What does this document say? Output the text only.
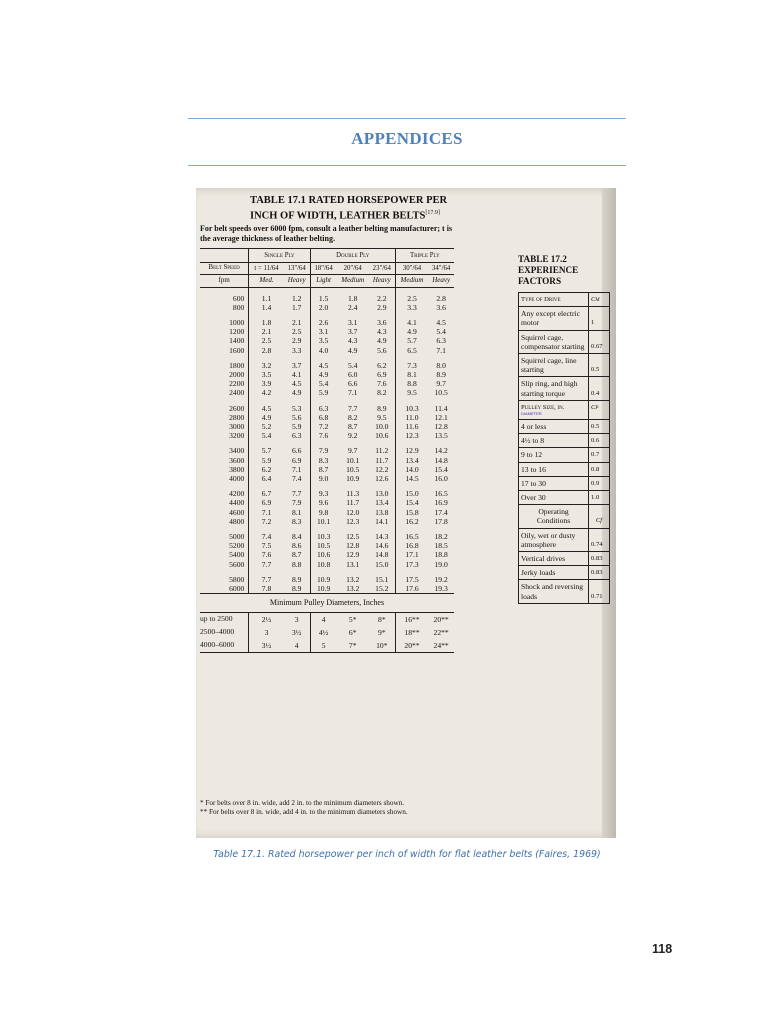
APPENDICES
TABLE 17.1 RATED HORSEPOWER PER
INCH OF WIDTH, LEATHER BELTS[17.9]
For belt speeds over 6000 fpm, consult a leather belting manufacturer; t is the average thickness of leather belting.
	Single Ply		Double Ply			Triple Ply	
Belt Speed	t = 11/64	13"/64	18"/64	20"/64	23"/64	30"/64	34"/64
fpm	Med.	Heavy	Light	Medium	Heavy	Medium	Heavy
600	1.1	1.2	1.5	1.8	2.2	2.5	2.8
800	1.4	1.7	2.0	2.4	2.9	3.3	3.6
1000	1.8	2.1	2.6	3.1	3.6	4.1	4.5
1200	2.1	2.5	3.1	3.7	4.3	4.9	5.4
1400	2.5	2.9	3.5	4.3	4.9	5.7	6.3
1600	2.8	3.3	4.0	4.9	5.6	6.5	7.1
1800	3.2	3.7	4.5	5.4	6.2	7.3	8.0
2000	3.5	4.1	4.9	6.0	6.9	8.1	8.9
2200	3.9	4.5	5.4	6.6	7.6	8.8	9.7
2400	4.2	4.9	5.9	7.1	8.2	9.5	10.5
2600	4.5	5.3	6.3	7.7	8.9	10.3	11.4
2800	4.9	5.6	6.8	8.2	9.5	11.0	12.1
3000	5.2	5.9	7.2	8.7	10.0	11.6	12.8
3200	5.4	6.3	7.6	9.2	10.6	12.3	13.5
3400	5.7	6.6	7.9	9.7	11.2	12.9	14.2
3600	5.9	6.9	8.3	10.1	11.7	13.4	14.8
3800	6.2	7.1	8.7	10.5	12.2	14.0	15.4
4000	6.4	7.4	9.0	10.9	12.6	14.5	16.0
4200	6.7	7.7	9.3	11.3	13.0	15.0	16.5
4400	6.9	7.9	9.6	11.7	13.4	15.4	16.9
4600	7.1	8.1	9.8	12.0	13.8	15.8	17.4
4800	7.2	8.3	10.1	12.3	14.1	16.2	17.8
5000	7.4	8.4	10.3	12.5	14.3	16.5	18.2
5200	7.5	8.6	10.5	12.8	14.6	16.8	18.5
5400	7.6	8.7	10.6	12.9	14.8	17.1	18.8
5600	7.7	8.8	10.8	13.1	15.0	17.3	19.0
5800	7.7	8.9	10.9	13.2	15.1	17.5	19.2
6000	7.8	8.9	10.9	13.2	15.2	17.6	19.3
Minimum Pulley Diameters, Inches							
up to 2500	2½	3	4	5*	8*	16**	20**
2500–4000	3	3½	4½	6*	9*	18**	22**
4000–6000	3½	4	5	7*	10*	20**	24**
* For belts over 8 in. wide, add 2 in. to the minimum diameters shown.
** For belts over 8 in. wide, add 4 in. to the minimum diameters shown.
TABLE 17.2
EXPERIENCE
FACTORS
Type of Drive	Cm
Any except electric motor	1
Squirrel cage, compensator starting	0.67
Squirrel cage, line starting	0.5
Slip ring, and high starting torque	0.4
Pulley Size, in.
diameter	Cp
4 or less	0.5
4½ to 8	0.6
9 to 12	0.7
13 to 16	0.8
17 to 30	0.9
Over 30	1.0
Operating Conditions	Cf
Oily, wet or dusty atmosphere	0.74
Vertical drives	0.83
Jerky loads	0.83
Shock and reversing loads	0.71
Table 17.1. Rated horsepower per inch of width for flat leather belts (Faires, 1969)
118
